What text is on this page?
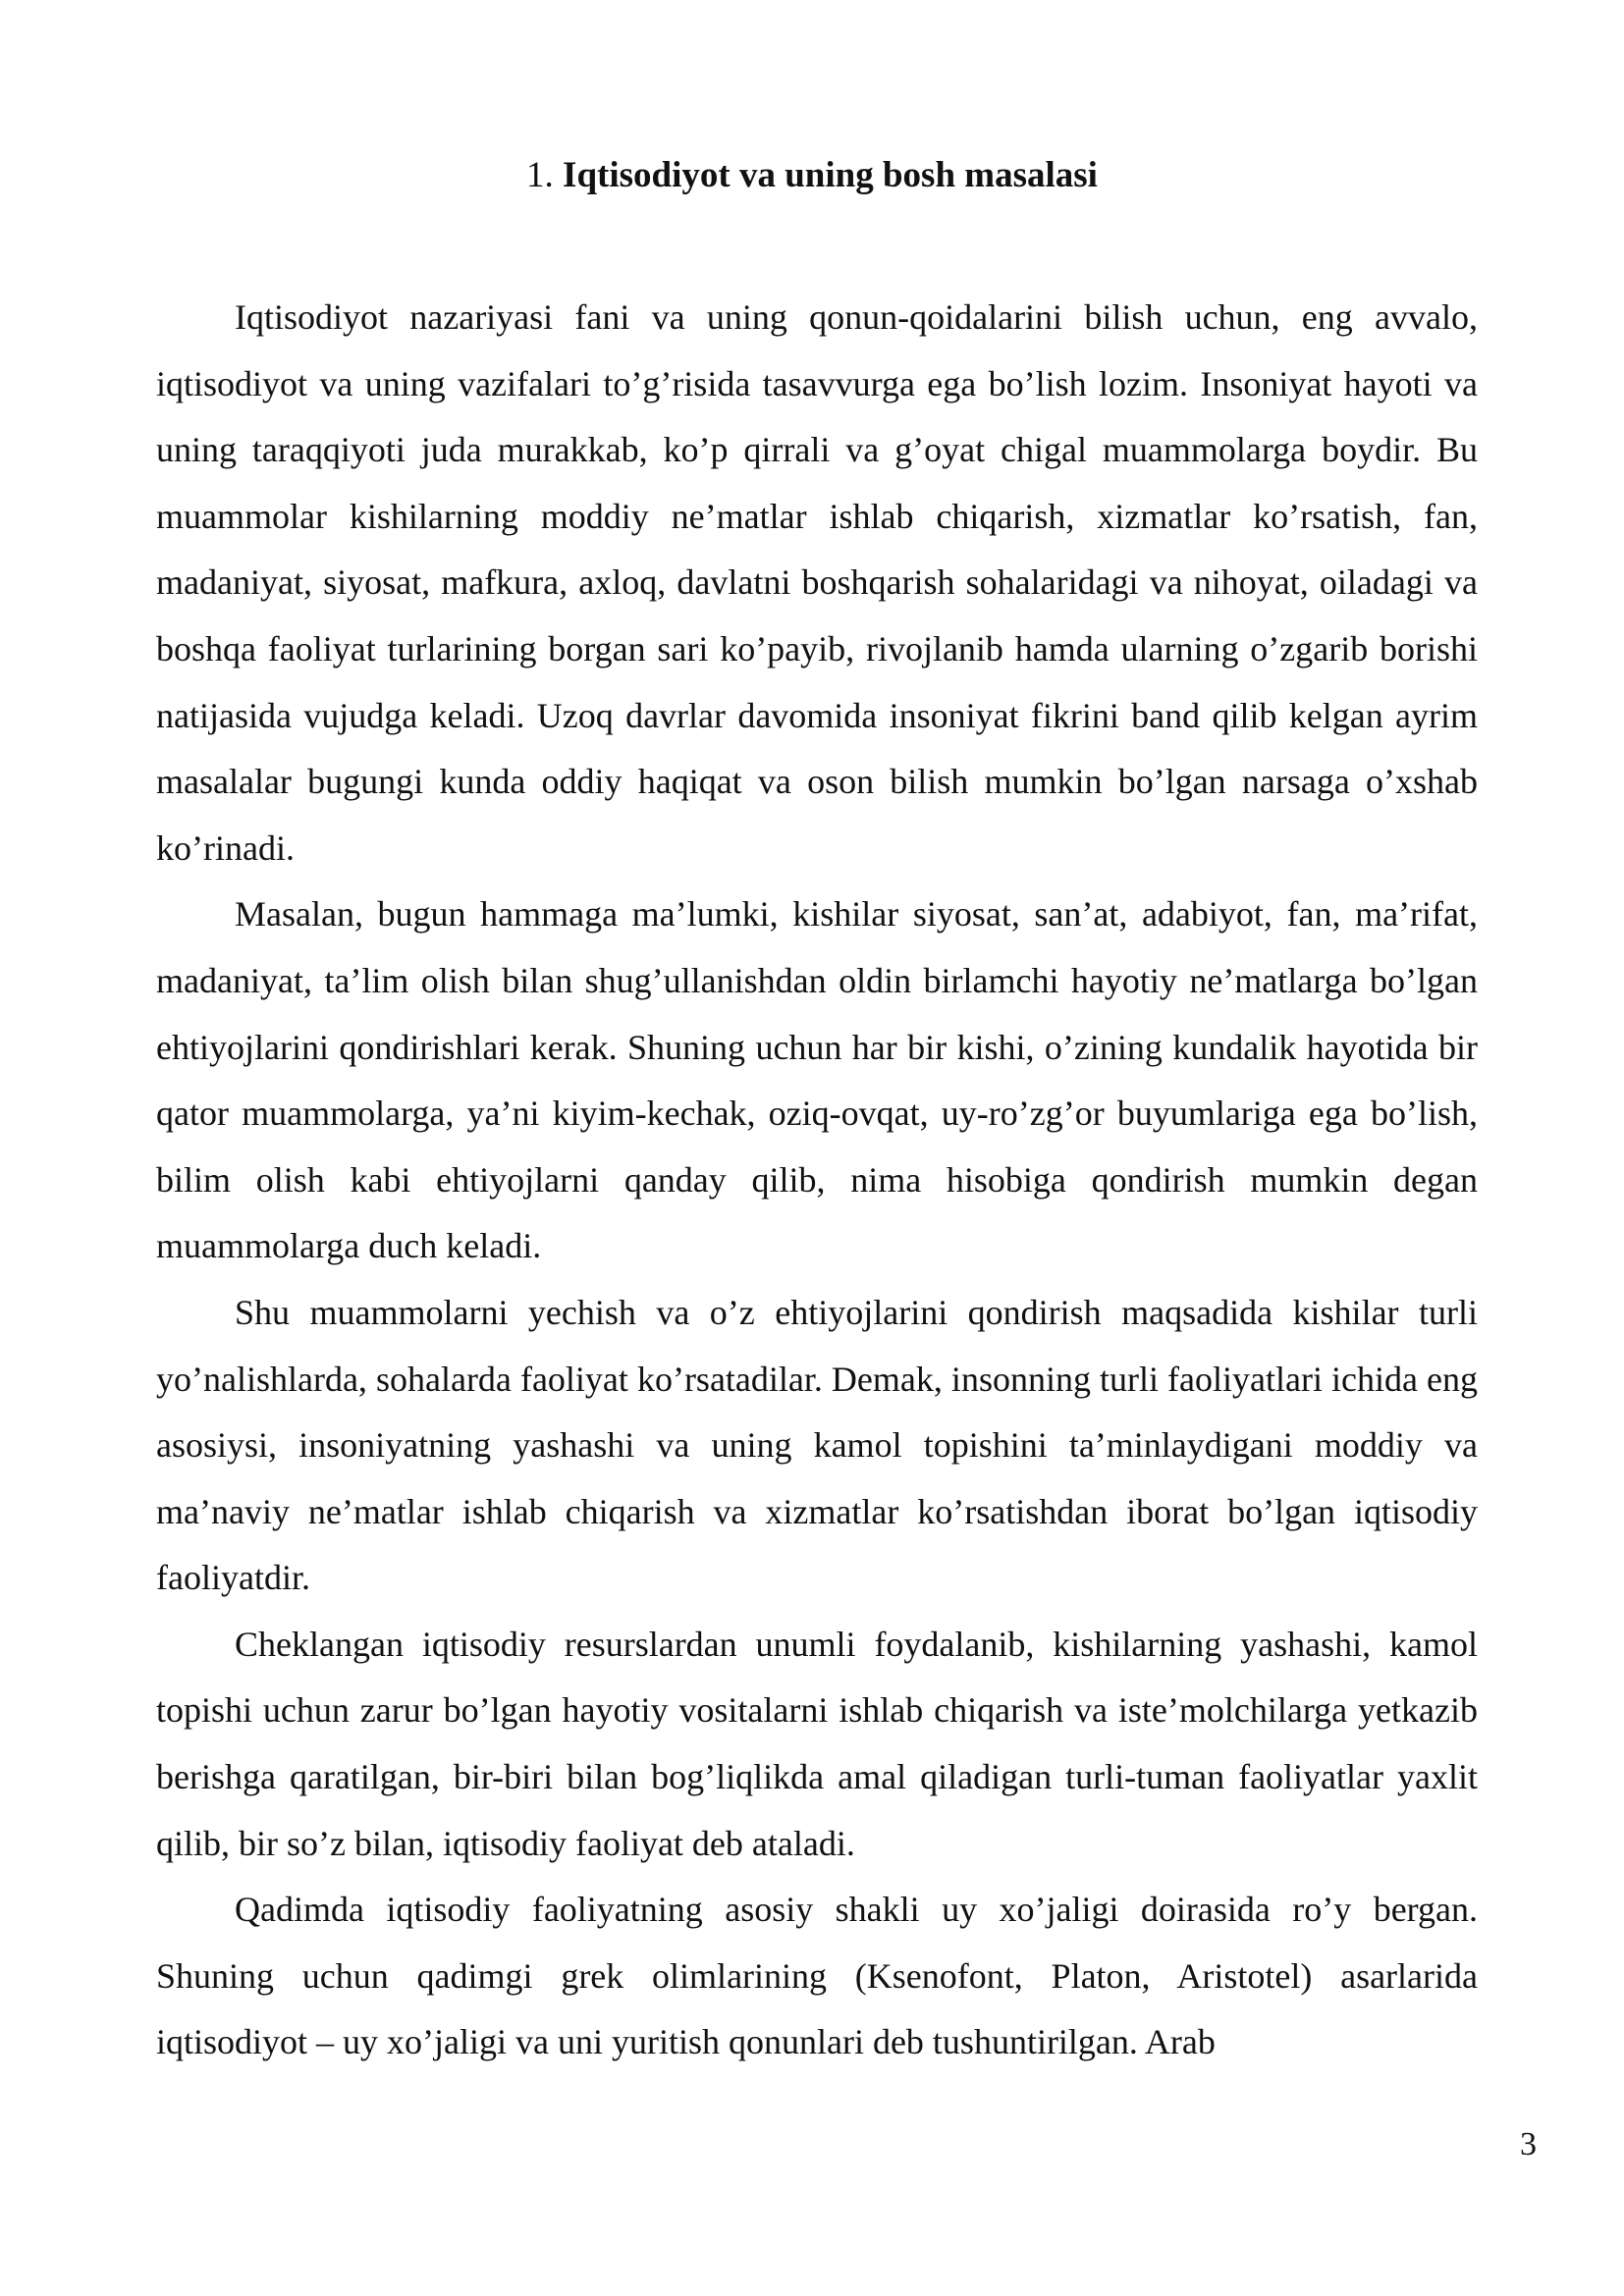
1. Iqtisodiyot va uning bosh masalasi

Iqtisodiyot nazariyasi fani va uning qonun-qoidalarini bilish uchun, eng avvalo, iqtisodiyot va uning vazifalari to’g’risida tasavvurga ega bo’lish lozim. Insoniyat hayoti va uning taraqqiyoti juda murakkab, ko’p qirrali va g’oyat chigal muammolarga boydir. Bu muammolar kishilarning moddiy ne’matlar ishlab chiqarish, xizmatlar ko’rsatish, fan, madaniyat, siyosat, mafkura, axloq, davlatni boshqarish sohalaridagi va nihoyat, oiladagi va boshqa faoliyat turlarining borgan sari ko’payib, rivojlanib hamda ularning o’zgarib borishi natijasida vujudga keladi. Uzoq davrlar davomida insoniyat fikrini band qilib kelgan ayrim masalalar bugungi kunda oddiy haqiqat va oson bilish mumkin bo’lgan narsaga o’xshab ko’rinadi.

Masalan, bugun hammaga ma’lumki, kishilar siyosat, san’at, adabiyot, fan, ma’rifat, madaniyat, ta’lim olish bilan shug’ullanishdan oldin birlamchi hayotiy ne’matlarga bo’lgan ehtiyojlarini qondirishlari kerak. Shuning uchun har bir kishi, o’zining kundalik hayotida bir qator muammolarga, ya’ni kiyim-kechak, oziq-ovqat, uy-ro’zg’or buyumlariga ega bo’lish, bilim olish kabi ehtiyojlarni qanday qilib, nima hisobiga qondirish mumkin degan muammolarga duch keladi.

Shu muammolarni yechish va o’z ehtiyojlarini qondirish maqsadida kishilar turli yo’nalishlarda, sohalarda faoliyat ko’rsatadilar. Demak, insonning turli faoliyatlari ichida eng asosiysi, insoniyatning yashashi va uning kamol topishini ta’minlaydigani moddiy va ma’naviy ne’matlar ishlab chiqarish va xizmatlar ko’rsatishdan iborat bo’lgan iqtisodiy faoliyatdir.

Cheklangan iqtisodiy resurslardan unumli foydalanib, kishilarning yashashi, kamol topishi uchun zarur bo’lgan hayotiy vositalarni ishlab chiqarish va iste’molchilarga yetkazib berishga qaratilgan, bir-biri bilan bog’liqlikda amal qiladigan turli-tuman faoliyatlar yaxlit qilib, bir so’z bilan, iqtisodiy faoliyat deb ataladi.

Qadimda iqtisodiy faoliyatning asosiy shakli uy xo’jaligi doirasida ro’y bergan. Shuning uchun qadimgi grek olimlarining (Ksenofont, Platon, Aristotel) asarlarida iqtisodiyot – uy xo’jaligi va uni yuritish qonunlari deb tushuntirilgan. Arab

3
